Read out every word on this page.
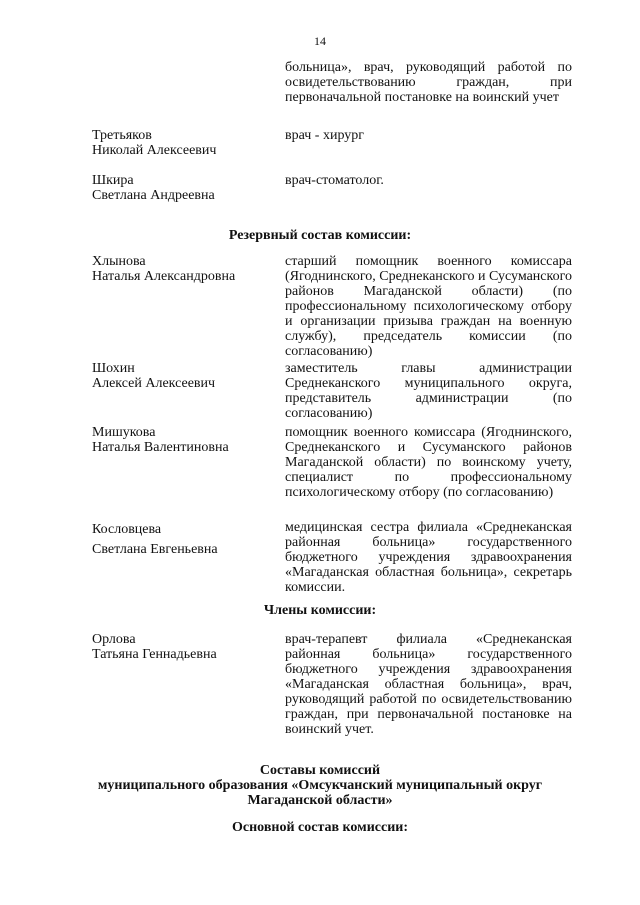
14
больница», врач, руководящий работой по освидетельствованию граждан, при первоначальной постановке на воинский учет
Третьяков
Николай Алексеевич
врач - хирург
Шкира
Светлана Андреевна
врач-стоматолог.
Резервный состав комиссии:
Хлынова
Наталья Александровна
старший помощник военного комиссара (Ягоднинского, Среднеканского и Сусуманского районов Магаданской области) (по профессиональному психологическому отбору и организации призыва граждан на военную службу), председатель комиссии (по согласованию)
Шохин
Алексей Алексеевич
заместитель главы администрации Среднеканского муниципального округа, представитель администрации (по согласованию)
Мишукова
Наталья Валентиновна
помощник военного комиссара (Ягоднинского, Среднеканского и Сусуманского районов Магаданской области) по воинскому учету, специалист по профессиональному психологическому отбору (по согласованию)
Кословцева
Светлана Евгеньевна
медицинская сестра филиала «Среднеканская районная больница» государственного бюджетного учреждения здравоохранения «Магаданская областная больница», секретарь комиссии.
Члены комиссии:
Орлова
Татьяна Геннадьевна
врач-терапевт филиала «Среднеканская районная больница» государственного бюджетного учреждения здравоохранения «Магаданская областная больница», врач, руководящий работой по освидетельствованию граждан, при первоначальной постановке на воинский учет.
Составы комиссий
муниципального образования «Омсукчанский муниципальный округ
Магаданской области»
Основной состав комиссии:
